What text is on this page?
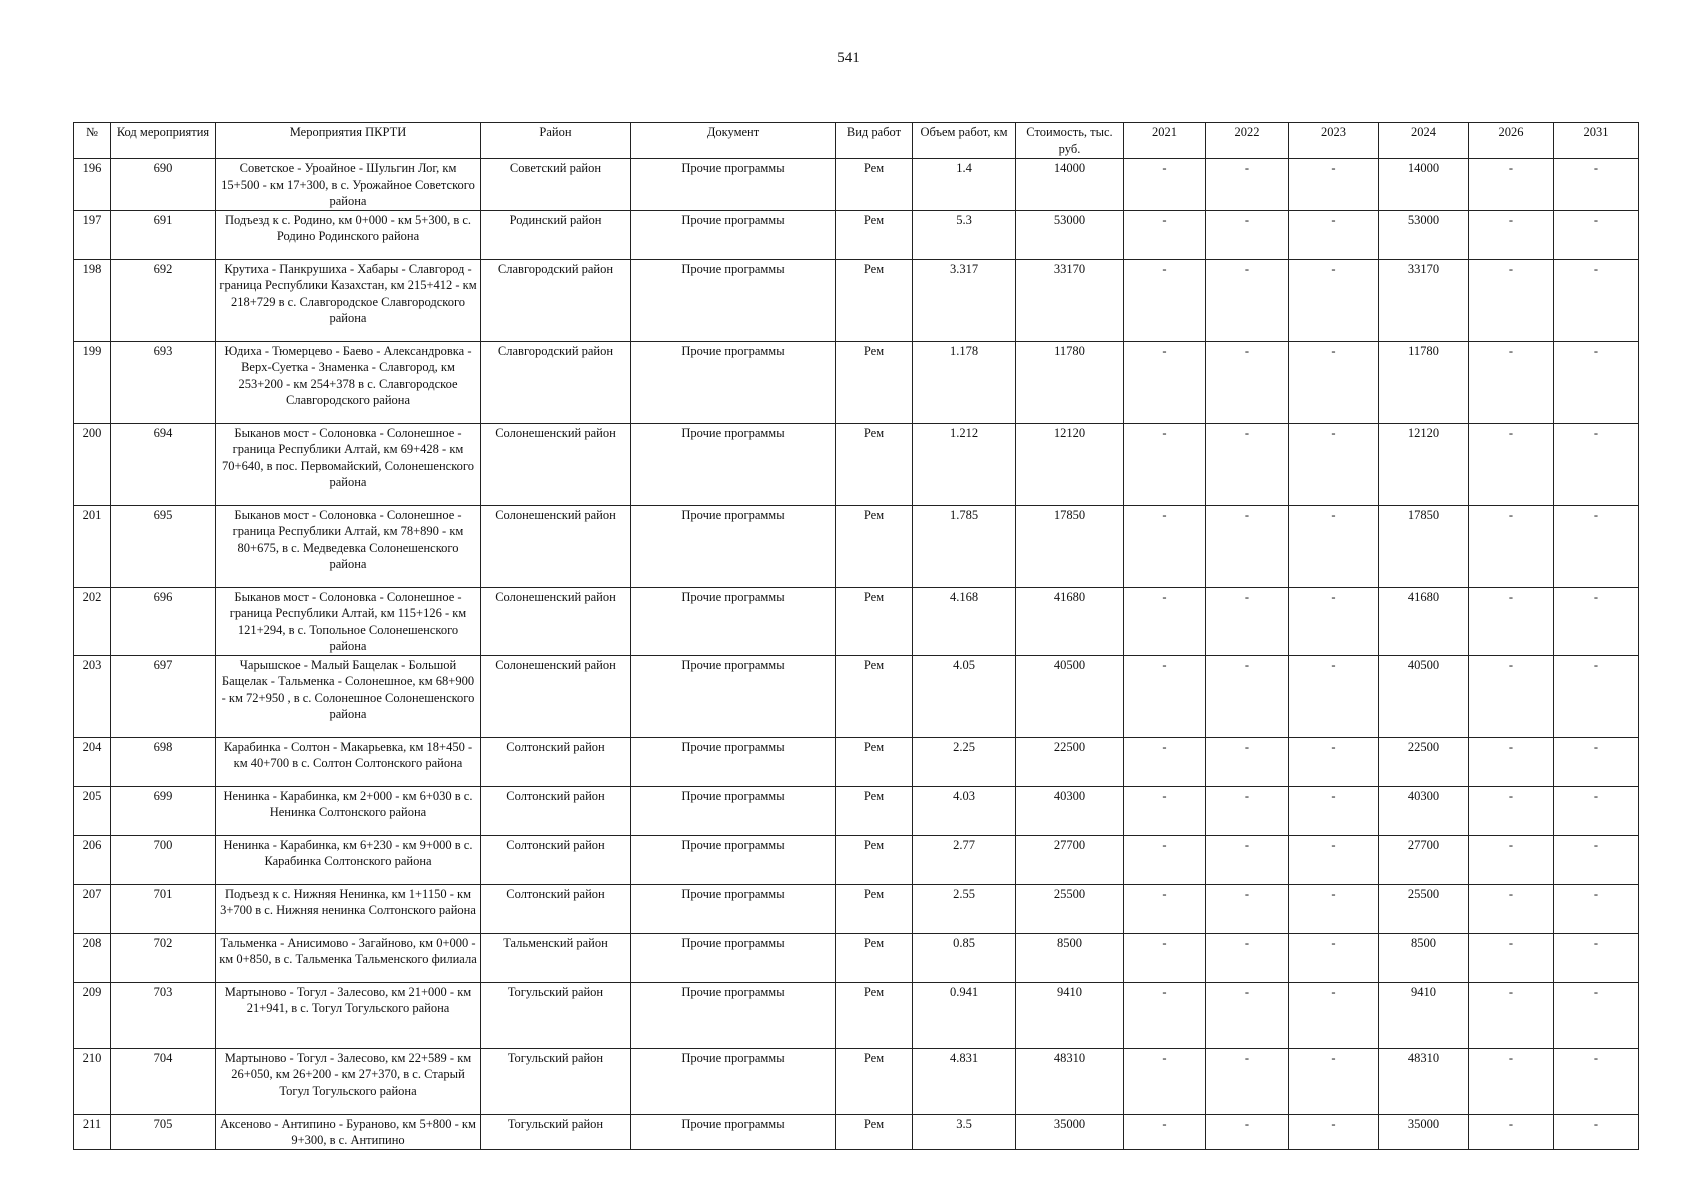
541
№	Код мероприятия	Мероприятия ПКРТИ	Район	Документ	Вид работ	Объем работ, км	Стоимость, тыс. руб.	2021	2022	2023	2024	2026	2031
196	690	Советское - Уроайное - Шульгин Лог, км 15+500 - км 17+300, в с. Урожайное Советского района	Советский район	Прочие программы	Рем	1.4	14000	-	-	-	14000	-	-
197	691	Подъезд к с. Родино, км 0+000 - км 5+300, в с. Родино Родинского района	Родинский район	Прочие программы	Рем	5.3	53000	-	-	-	53000	-	-
198	692	Крутиха - Панкрушиха - Хабары - Славгород - граница Республики Казахстан, км 215+412 - км 218+729 в с. Славгородское Славгородского района	Славгородский район	Прочие программы	Рем	3.317	33170	-	-	-	33170	-	-
199	693	Юдиха - Тюмерцево - Баево - Александровка - Верх-Суетка - Знаменка - Славгород, км 253+200 - км 254+378 в с. Славгородское Славгородского района	Славгородский район	Прочие программы	Рем	1.178	11780	-	-	-	11780	-	-
200	694	Быканов мост - Солоновка - Солонешное - граница Республики Алтай, км 69+428 - км 70+640, в пос. Первомайский, Солонешенского района	Солонешенский район	Прочие программы	Рем	1.212	12120	-	-	-	12120	-	-
201	695	Быканов мост - Солоновка - Солонешное - граница Республики Алтай, км 78+890 - км 80+675, в с. Медведевка Солонешенского района	Солонешенский район	Прочие программы	Рем	1.785	17850	-	-	-	17850	-	-
202	696	Быканов мост - Солоновка - Солонешное - граница Республики Алтай, км 115+126 - км 121+294, в с. Топольное Солонешенского района	Солонешенский район	Прочие программы	Рем	4.168	41680	-	-	-	41680	-	-
203	697	Чарышское - Малый Бащелак - Большой Бащелак - Тальменка - Солонешное, км 68+900 - км 72+950 , в с. Солонешное Солонешенского района	Солонешенский район	Прочие программы	Рем	4.05	40500	-	-	-	40500	-	-
204	698	Карабинка - Солтон - Макарьевка, км 18+450 - км 40+700 в с. Солтон Солтонского района	Солтонский район	Прочие программы	Рем	2.25	22500	-	-	-	22500	-	-
205	699	Ненинка - Карабинка, км 2+000 - км 6+030 в с. Ненинка Солтонского района	Солтонский район	Прочие программы	Рем	4.03	40300	-	-	-	40300	-	-
206	700	Ненинка - Карабинка, км 6+230 - км 9+000 в с. Карабинка Солтонского района	Солтонский район	Прочие программы	Рем	2.77	27700	-	-	-	27700	-	-
207	701	Подъезд к с. Нижняя Ненинка, км 1+1150 - км 3+700 в с. Нижняя ненинка Солтонского района	Солтонский район	Прочие программы	Рем	2.55	25500	-	-	-	25500	-	-
208	702	Тальменка - Анисимово - Загайново, км 0+000 - км 0+850, в с. Тальменка Тальменского филиала	Тальменский район	Прочие программы	Рем	0.85	8500	-	-	-	8500	-	-
209	703	Мартыново - Тогул - Залесово, км 21+000 - км 21+941, в с. Тогул Тогульского района	Тогульский район	Прочие программы	Рем	0.941	9410	-	-	-	9410	-	-
210	704	Мартыново - Тогул - Залесово, км 22+589 - км 26+050, км 26+200 - км 27+370, в с. Старый Тогул Тогульского района	Тогульский район	Прочие программы	Рем	4.831	48310	-	-	-	48310	-	-
211	705	Аксеново - Антипино - Бураново, км 5+800 - км 9+300, в с. Антипино	Тогульский район	Прочие программы	Рем	3.5	35000	-	-	-	35000	-	-
